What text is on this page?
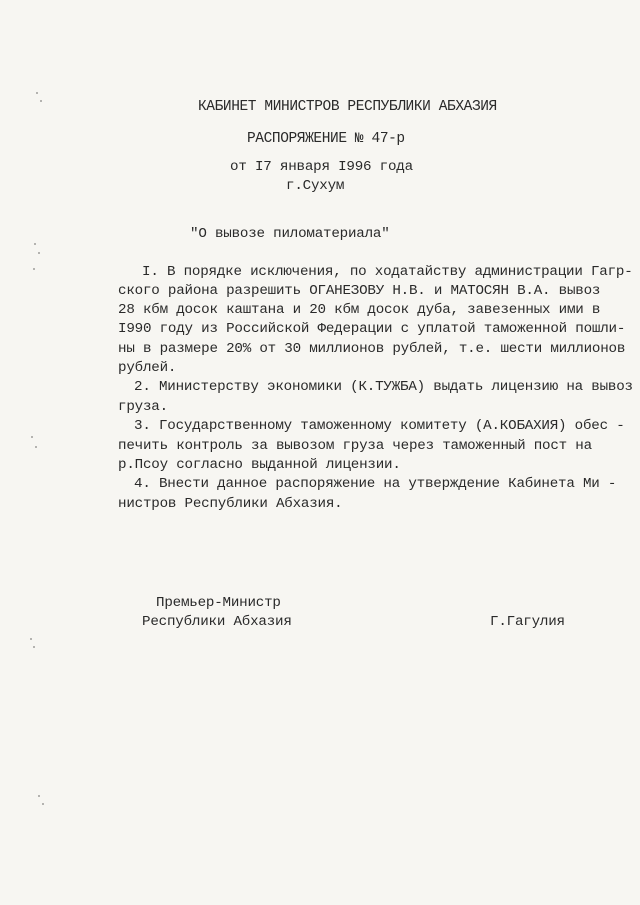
КАБИНЕТ МИНИСТРОВ РЕСПУБЛИКИ АБХАЗИЯ
РАСПОРЯЖЕНИЕ № 47-р
от I7 января I996 года
г.Сухум
"О вывозе пиломатериала"
I. В порядке исключения, по ходатайству администрации Гагр-
ского района разрешить ОГАНЕЗОВУ Н.В. и МАТОСЯН В.А. вывоз
28 кбм досок каштана и 20 кбм досок дуба, завезенных ими в
I990 году из Российской Федерации с уплатой таможенной пошли-
ны в размере 20% от 30 миллионов рублей, т.е. шести миллионов
рублей.
2. Министерству экономики (К.ТУЖБА) выдать лицензию на вывоз
груза.
3. Государственному таможенному комитету (А.КОБАХИЯ) обес -
печить контроль за вывозом груза через таможенный пост на
р.Псоу согласно выданной лицензии.
4. Внести данное распоряжение на утверждение Кабинета Ми -
нистров Республики Абхазия.
Премьер-Министр
Республики Абхазия	Г.Гагулия
